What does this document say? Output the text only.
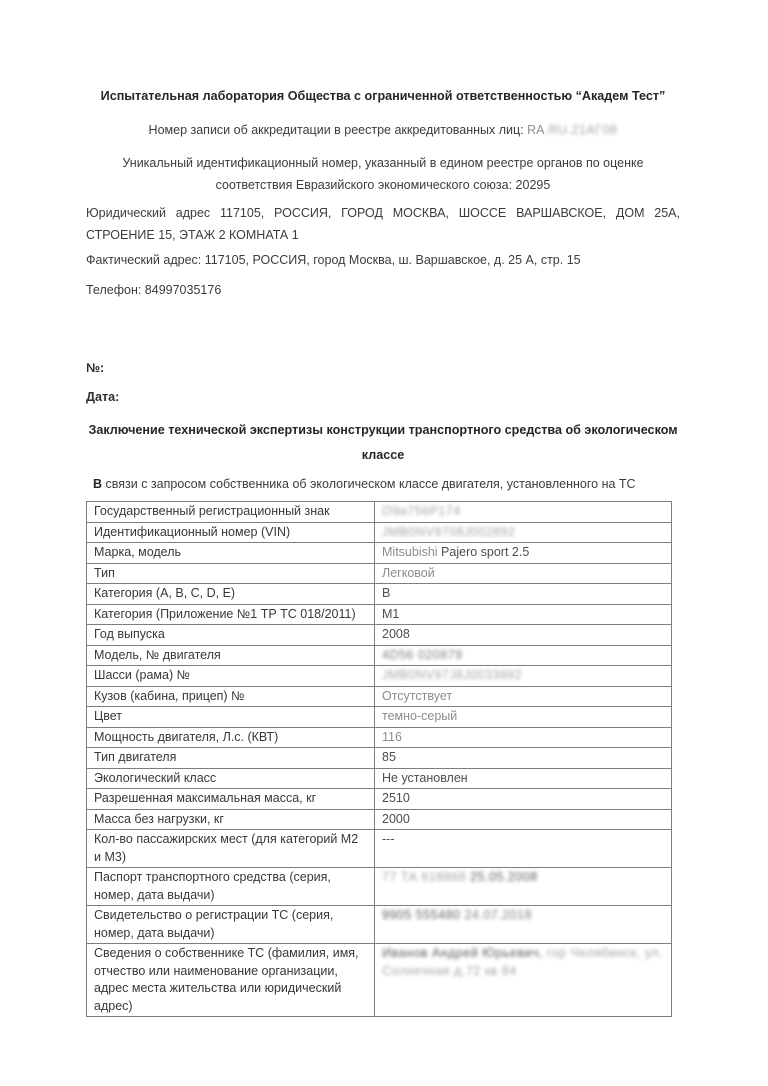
Испытательная лаборатория Общества с ограниченной ответственностью “Академ Тест”
Номер записи об аккредитации в реестре аккредитованных лиц: RA.RU.21АГ08
Уникальный идентификационный номер, указанный в едином реестре органов по оценке
соответствия Евразийского экономического союза: 20295
Юридический адрес 117105, РОССИЯ, ГОРОД МОСКВА, ШОССЕ ВАРШАВСКОЕ, ДОМ 25А,
СТРОЕНИЕ 15, ЭТАЖ 2 КОМНАТА 1
Фактический адрес: 117105, РОССИЯ, город Москва, ш. Варшавское, д. 25 А, стр. 15
Телефон: 84997035176
№:
Дата:
Заключение технической экспертизы конструкции транспортного средства об экологическом
классе
В связи с запросом собственника об экологическом классе двигателя, установленного на ТС
Государственный регистрационный знак	О9а756Р174
Идентификационный номер (VIN)	JMB0NV9708J002892
Марка, модель	Mitsubishi Pajero sport 2.5
Тип	Легковой
Категория (A, B, C, D, E)	В
Категория (Приложение №1 ТР ТС 018/2011)	М1
Год выпуска	2008
Модель, № двигателя	4D56 020879
Шасси (рама) №	JMB0NV97J8J0033892
Кузов (кабина, прицеп) №	Отсутствует
Цвет	темно-серый
Мощность двигателя, Л.с. (КВТ)	116
Тип двигателя	85
Экологический класс	Не установлен
Разрешенная максимальная масса, кг	2510
Масса без нагрузки, кг	2000
Кол-во пассажирских мест (для категорий М2 и М3)	---
Паспорт транспортного средства (серия, номер, дата выдачи)	77 ТА 618868 25.05.2008
Свидетельство о регистрации ТС (серия, номер, дата выдачи)	9905 555480 24.07.2018
Сведения о собственнике ТС (фамилия, имя, отчество или наименование организации, адрес места жительства или юридический адрес)	Иванов Андрей Юрьевич, гор Челябинск, ул.
Солнечная д.72 кв 84
